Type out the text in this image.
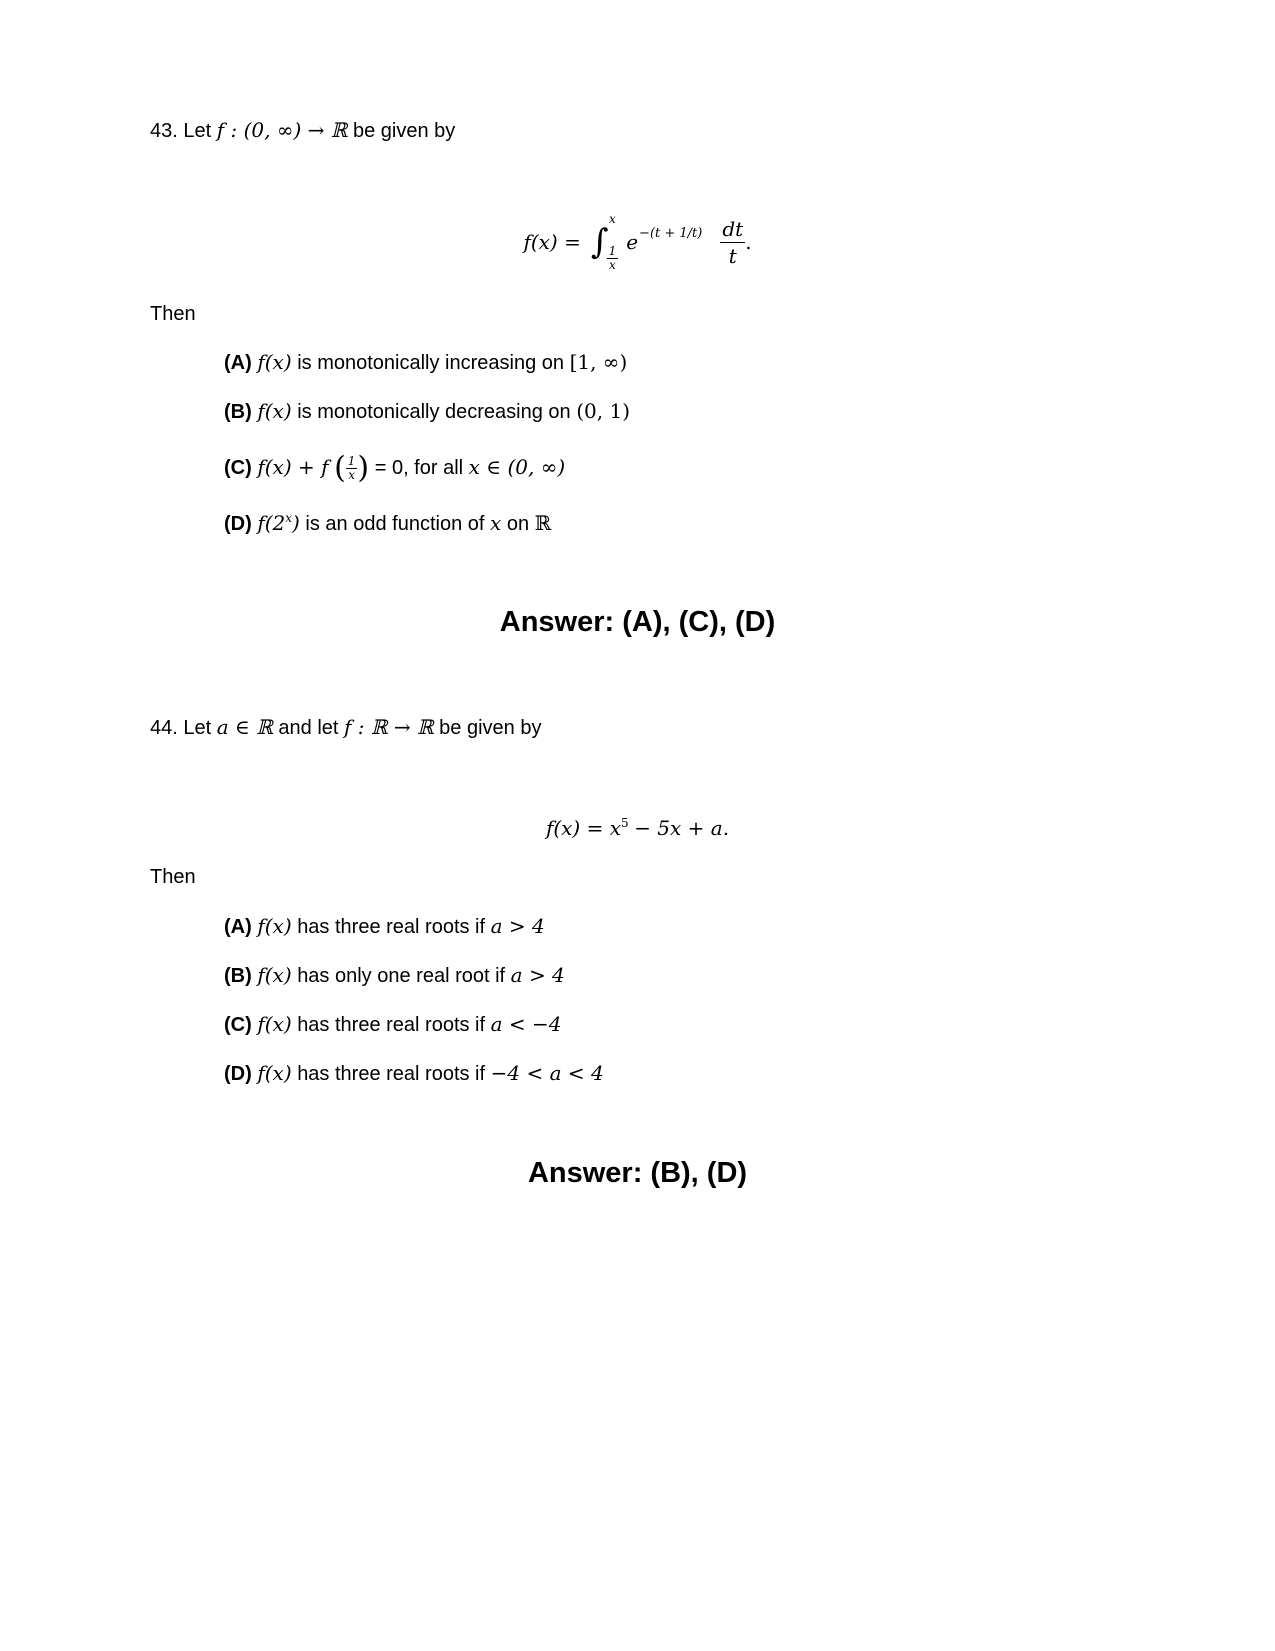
43. Let f : (0, ∞) → ℝ be given by
f(x) = ∫
x
$\frac{1}{x}$
$e -(t + 1/t) \frac{dt}{t}$ .
Then
(A) f(x) is monotonically increasing on [1, ∞)
(B) f(x) is monotonically decreasing on (0, 1)
(C) f(x) + f ( $\frac{1}{x}$ ) = 0, for all x ∈ (0, ∞)
(D) f(2$^x$) is an odd function of x on ℝ
Answer: (A), (C), (D)
44. Let a ∈ ℝ and let f : ℝ → ℝ be given by
$f(x) = x^5 - 5x + a$.
Then
(A) f(x) has three real roots if a > 4
(B) f(x) has only one real root if a > 4
(C) f(x) has three real roots if a < −4
(D) f(x) has three real roots if −4 < a < 4
Answer: (B), (D)
